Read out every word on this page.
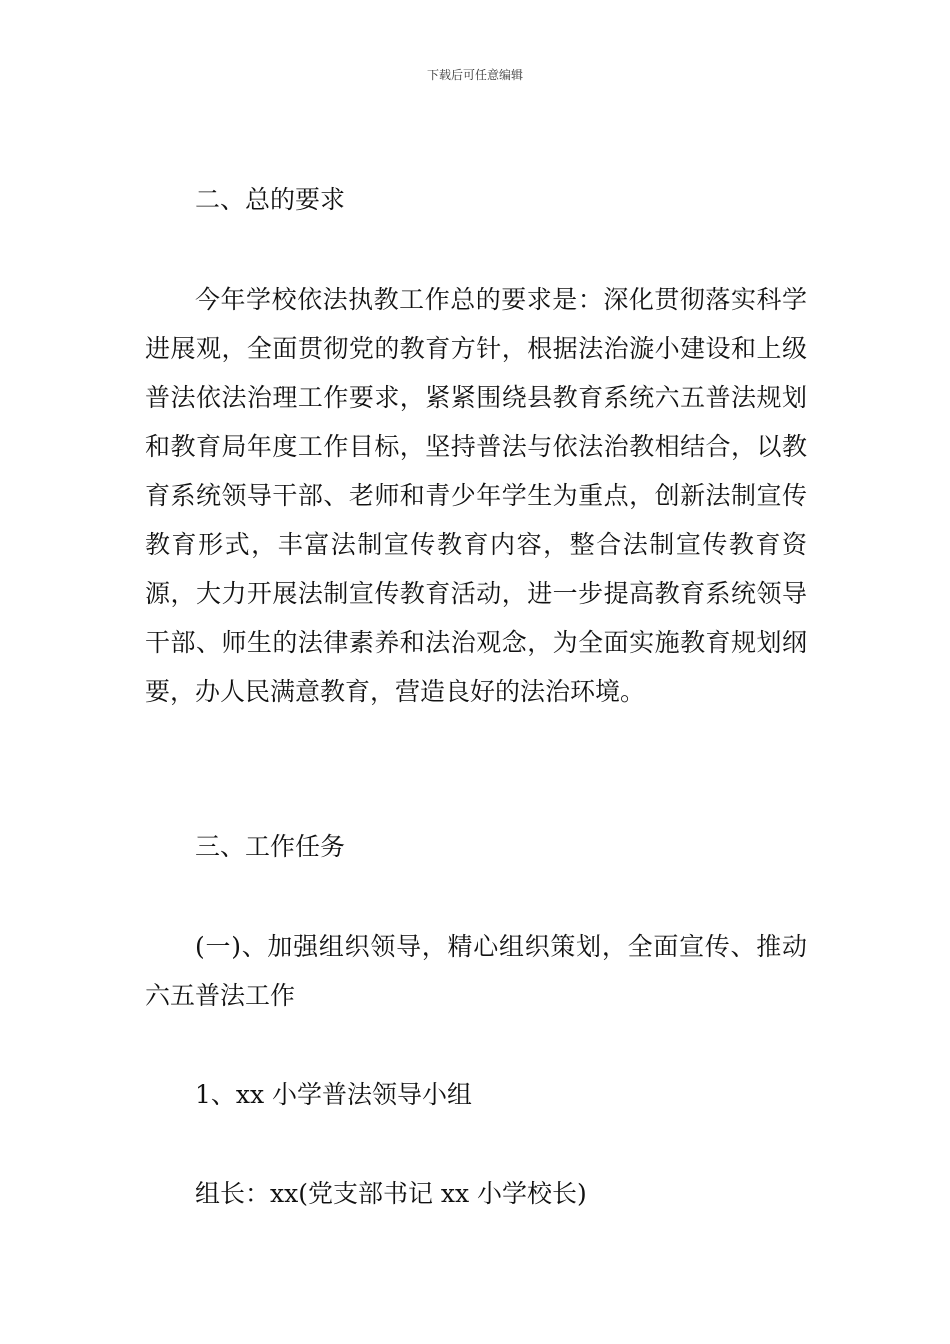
下载后可任意编辑
二、总的要求
今年学校依法执教工作总的要求是：深化贯彻落实科学进展观，全面贯彻党的教育方针，根据法治漩小建设和上级普法依法治理工作要求，紧紧围绕县教育系统六五普法规划和教育局年度工作目标，坚持普法与依法治教相结合，以教育系统领导干部、老师和青少年学生为重点，创新法制宣传教育形式，丰富法制宣传教育内容，整合法制宣传教育资源，大力开展法制宣传教育活动，进一步提高教育系统领导干部、师生的法律素养和法治观念，为全面实施教育规划纲要，办人民满意教育，营造良好的法治环境。
三、工作任务
(一)、加强组织领导，精心组织策划，全面宣传、推动六五普法工作
1、xx 小学普法领导小组
组长：xx(党支部书记 xx 小学校长)
